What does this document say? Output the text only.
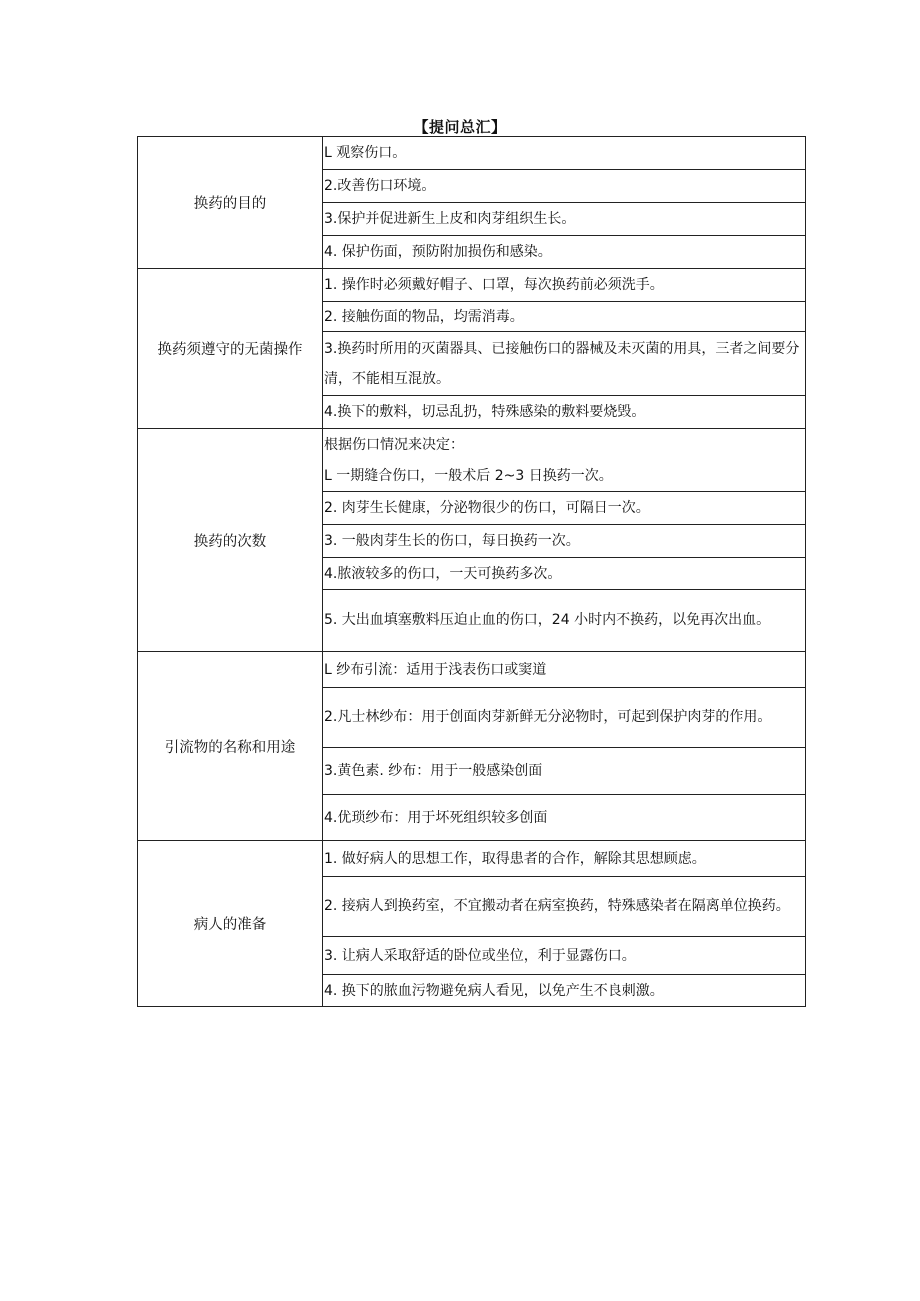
【提问总汇】
换药的目的
L 观察伤口。
2.改善伤口环境。
3.保护并促进新生上皮和肉芽组织生长。
4. 保护伤面，预防附加损伤和感染。
换药须遵守的无菌操作
1. 操作时必须戴好帽子、口罩，每次换药前必须洗手。
2. 接触伤面的物品，均需消毒。
3.换药时所用的灭菌器具、已接触伤口的器械及未灭菌的用具，三者之间要分清，不能相互混放。
4.换下的敷料，切忌乱扔，特殊感染的敷料要烧毁。
换药的次数
根据伤口情况来决定：
L 一期缝合伤口，一般术后 2~3 日换药一次。
2. 肉芽生长健康，分泌物很少的伤口，可隔日一次。
3. 一般肉芽生长的伤口，每日换药一次。
4.脓液较多的伤口，一天可换药多次。
5. 大出血填塞敷料压迫止血的伤口，24 小时内不换药，以免再次出血。
引流物的名称和用途
L 纱布引流：适用于浅表伤口或窦道
2.凡士林纱布：用于创面肉芽新鲜无分泌物时，可起到保护肉芽的作用。
3.黄色素. 纱布：用于一般感染创面
4.优琐纱布：用于坏死组织较多创面
病人的准备
1. 做好病人的思想工作，取得患者的合作，解除其思想顾虑。
2. 接病人到换药室，不宜搬动者在病室换药，特殊感染者在隔离单位换药。
3. 让病人采取舒适的卧位或坐位，利于显露伤口。
4. 换下的脓血污物避免病人看见，以免产生不良刺激。
